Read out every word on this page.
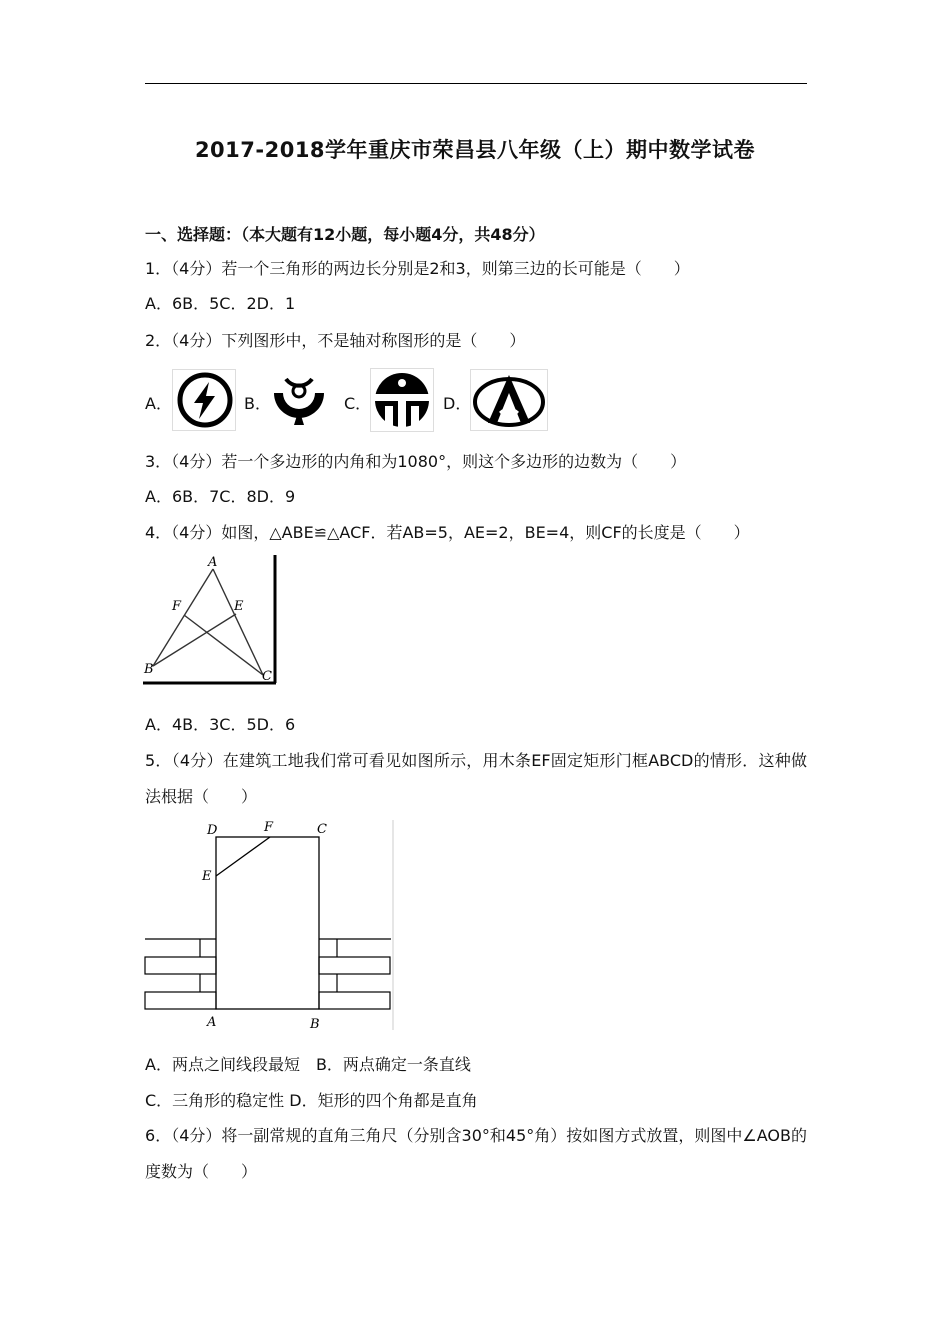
2017-2018学年重庆市荣昌县八年级（上）期中数学试卷
一、选择题：（本大题有12小题，每小题4分，共48分）
1．（4分）若一个三角形的两边长分别是2和3，则第三边的长可能是（　　）
A．6B．5C．2D．1
2．（4分）下列图形中，不是轴对称图形的是（　　）
A．	B．	C．	D．
3．（4分）若一个多边形的内角和为1080°，则这个多边形的边数为（　　）
A．6B．7C．8D．9
4．（4分）如图，△ABE≌△ACF．若AB=5，AE=2，BE=4，则CF的长度是（　　）
A
F	E
B	C
A．4B．3C．5D．6
5．（4分）在建筑工地我们常可看见如图所示，用木条EF固定矩形门框ABCD的情形．这种做法根据（　　）
D	F	C
E
A	B
A．两点之间线段最短　B．两点确定一条直线
C．三角形的稳定性 D．矩形的四个角都是直角
6．（4分）将一副常规的直角三角尺（分别含30°和45°角）按如图方式放置，则图中∠AOB的度数为（　　）
